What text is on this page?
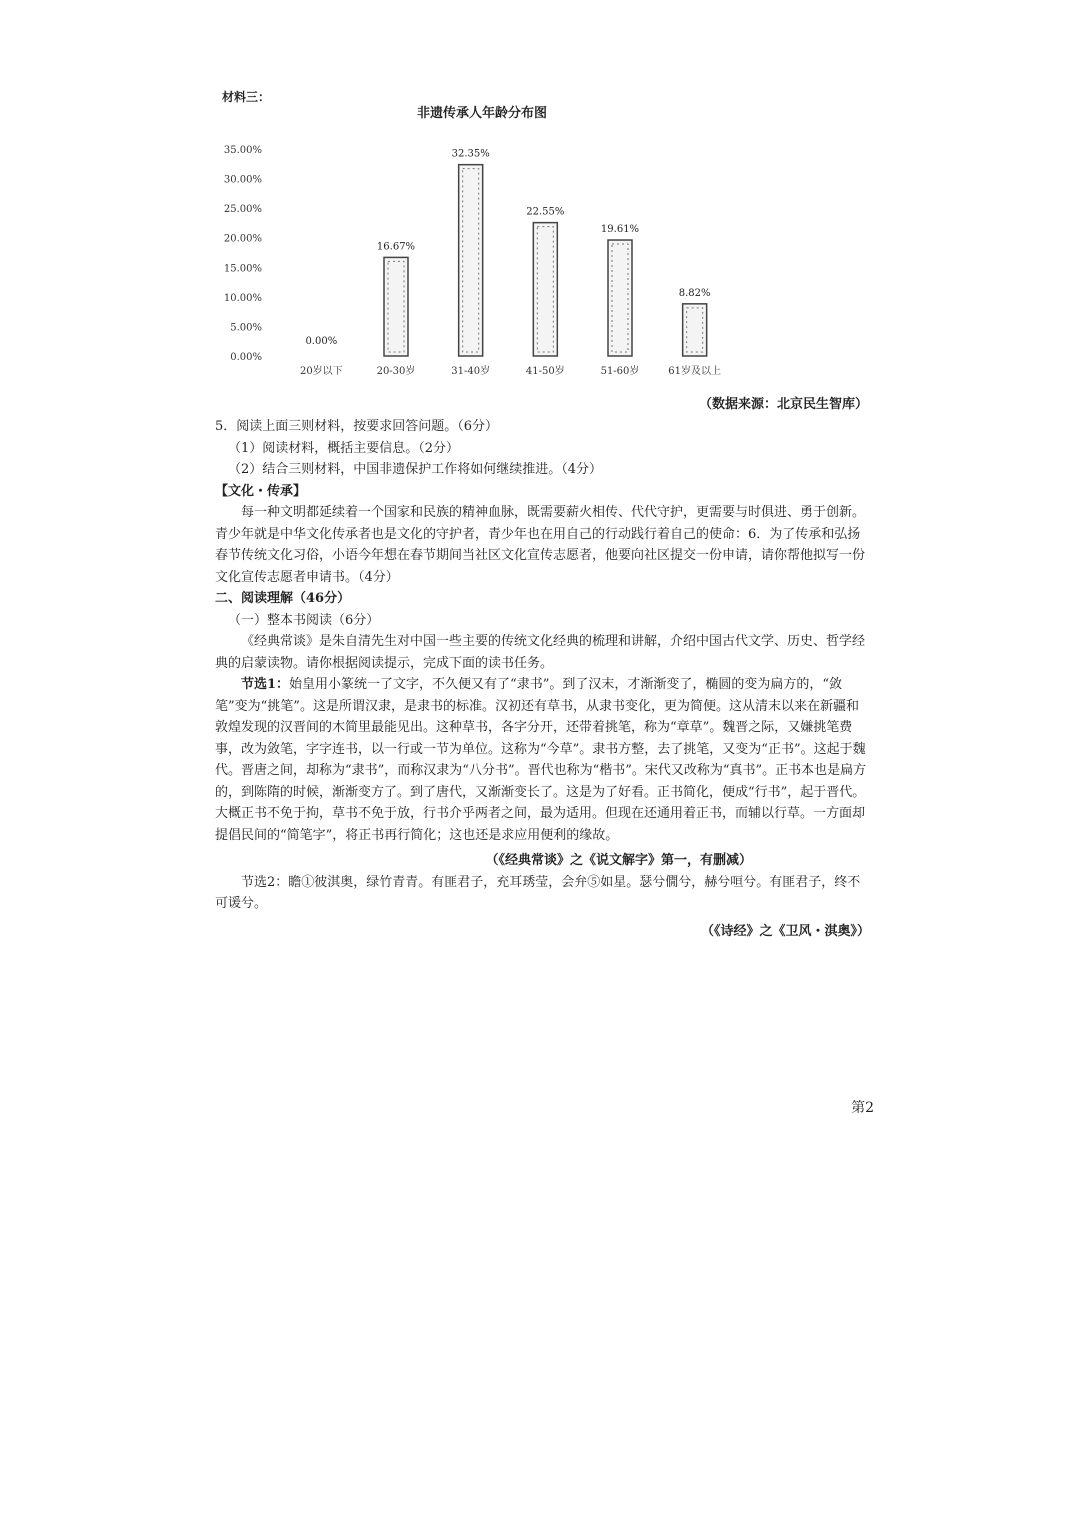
材料三：
非遗传承人年龄分布图
0.00%
5.00%
10.00%
15.00%
20.00%
25.00%
30.00%
35.00%
0.00%
16.67%
32.35%
22.55%
19.61%
8.82%
20岁以下	20-30岁	31-40岁	41-50岁	51-60岁	61岁及以上
（数据来源：北京民生智库）

5．阅读上面三则材料，按要求回答问题。（6分）

（1）阅读材料，概括主要信息。（2分）

（2）结合三则材料，中国非遗保护工作将如何继续推进。（4分）

【文化・传承】

每一种文明都延续着一个国家和民族的精神血脉，既需要薪火相传、代代守护，更需要与时俱进、勇于创新。青少年就是中华文化传承者也是文化的守护者，青少年也在用自己的行动践行着自己的使命：6．为了传承和弘扬春节传统文化习俗，小语今年想在春节期间当社区文化宣传志愿者，他要向社区提交一份申请，请你帮他拟写一份文化宣传志愿者申请书。（4分）

二、阅读理解（46分）

（一）整本书阅读（6分）

《经典常谈》是朱自清先生对中国一些主要的传统文化经典的梳理和讲解，介绍中国古代文学、历史、哲学经典的启蒙读物。请你根据阅读提示，完成下面的读书任务。

节选1：始皇用小篆统一了文字，不久便又有了“隶书”。到了汉末，才渐渐变了，椭圆的变为扁方的，“敛笔”变为“挑笔”。这是所谓汉隶，是隶书的标准。汉初还有草书，从隶书变化，更为简便。这从清末以来在新疆和敦煌发现的汉晋间的木简里最能见出。这种草书，各字分开，还带着挑笔，称为“章草”。魏晋之际，又嫌挑笔费事，改为敛笔，字字连书，以一行或一节为单位。这称为“今草”。隶书方整，去了挑笔，又变为“正书”。这起于魏代。晋唐之间，却称为“隶书”，而称汉隶为“八分书”。晋代也称为“楷书”。宋代又改称为“真书”。正书本也是扁方的，到陈隋的时候，渐渐变方了。到了唐代，又渐渐变长了。这是为了好看。正书简化，便成“行书”，起于晋代。大概正书不免于拘，草书不免于放，行书介乎两者之间，最为适用。但现在还通用着正书，而辅以行草。一方面却提倡民间的“简笔字”，将正书再行简化；这也还是求应用便利的缘故。

（《经典常谈》之《说文解字》第一，有删减）

节选2：瞻①彼淇奥，绿竹青青。有匪君子，充耳琇莹，会弁⑤如星。瑟兮僩兮，赫兮咺兮。有匪君子，终不可谖兮。

（《诗经》之《卫风・淇奥》）

第2
